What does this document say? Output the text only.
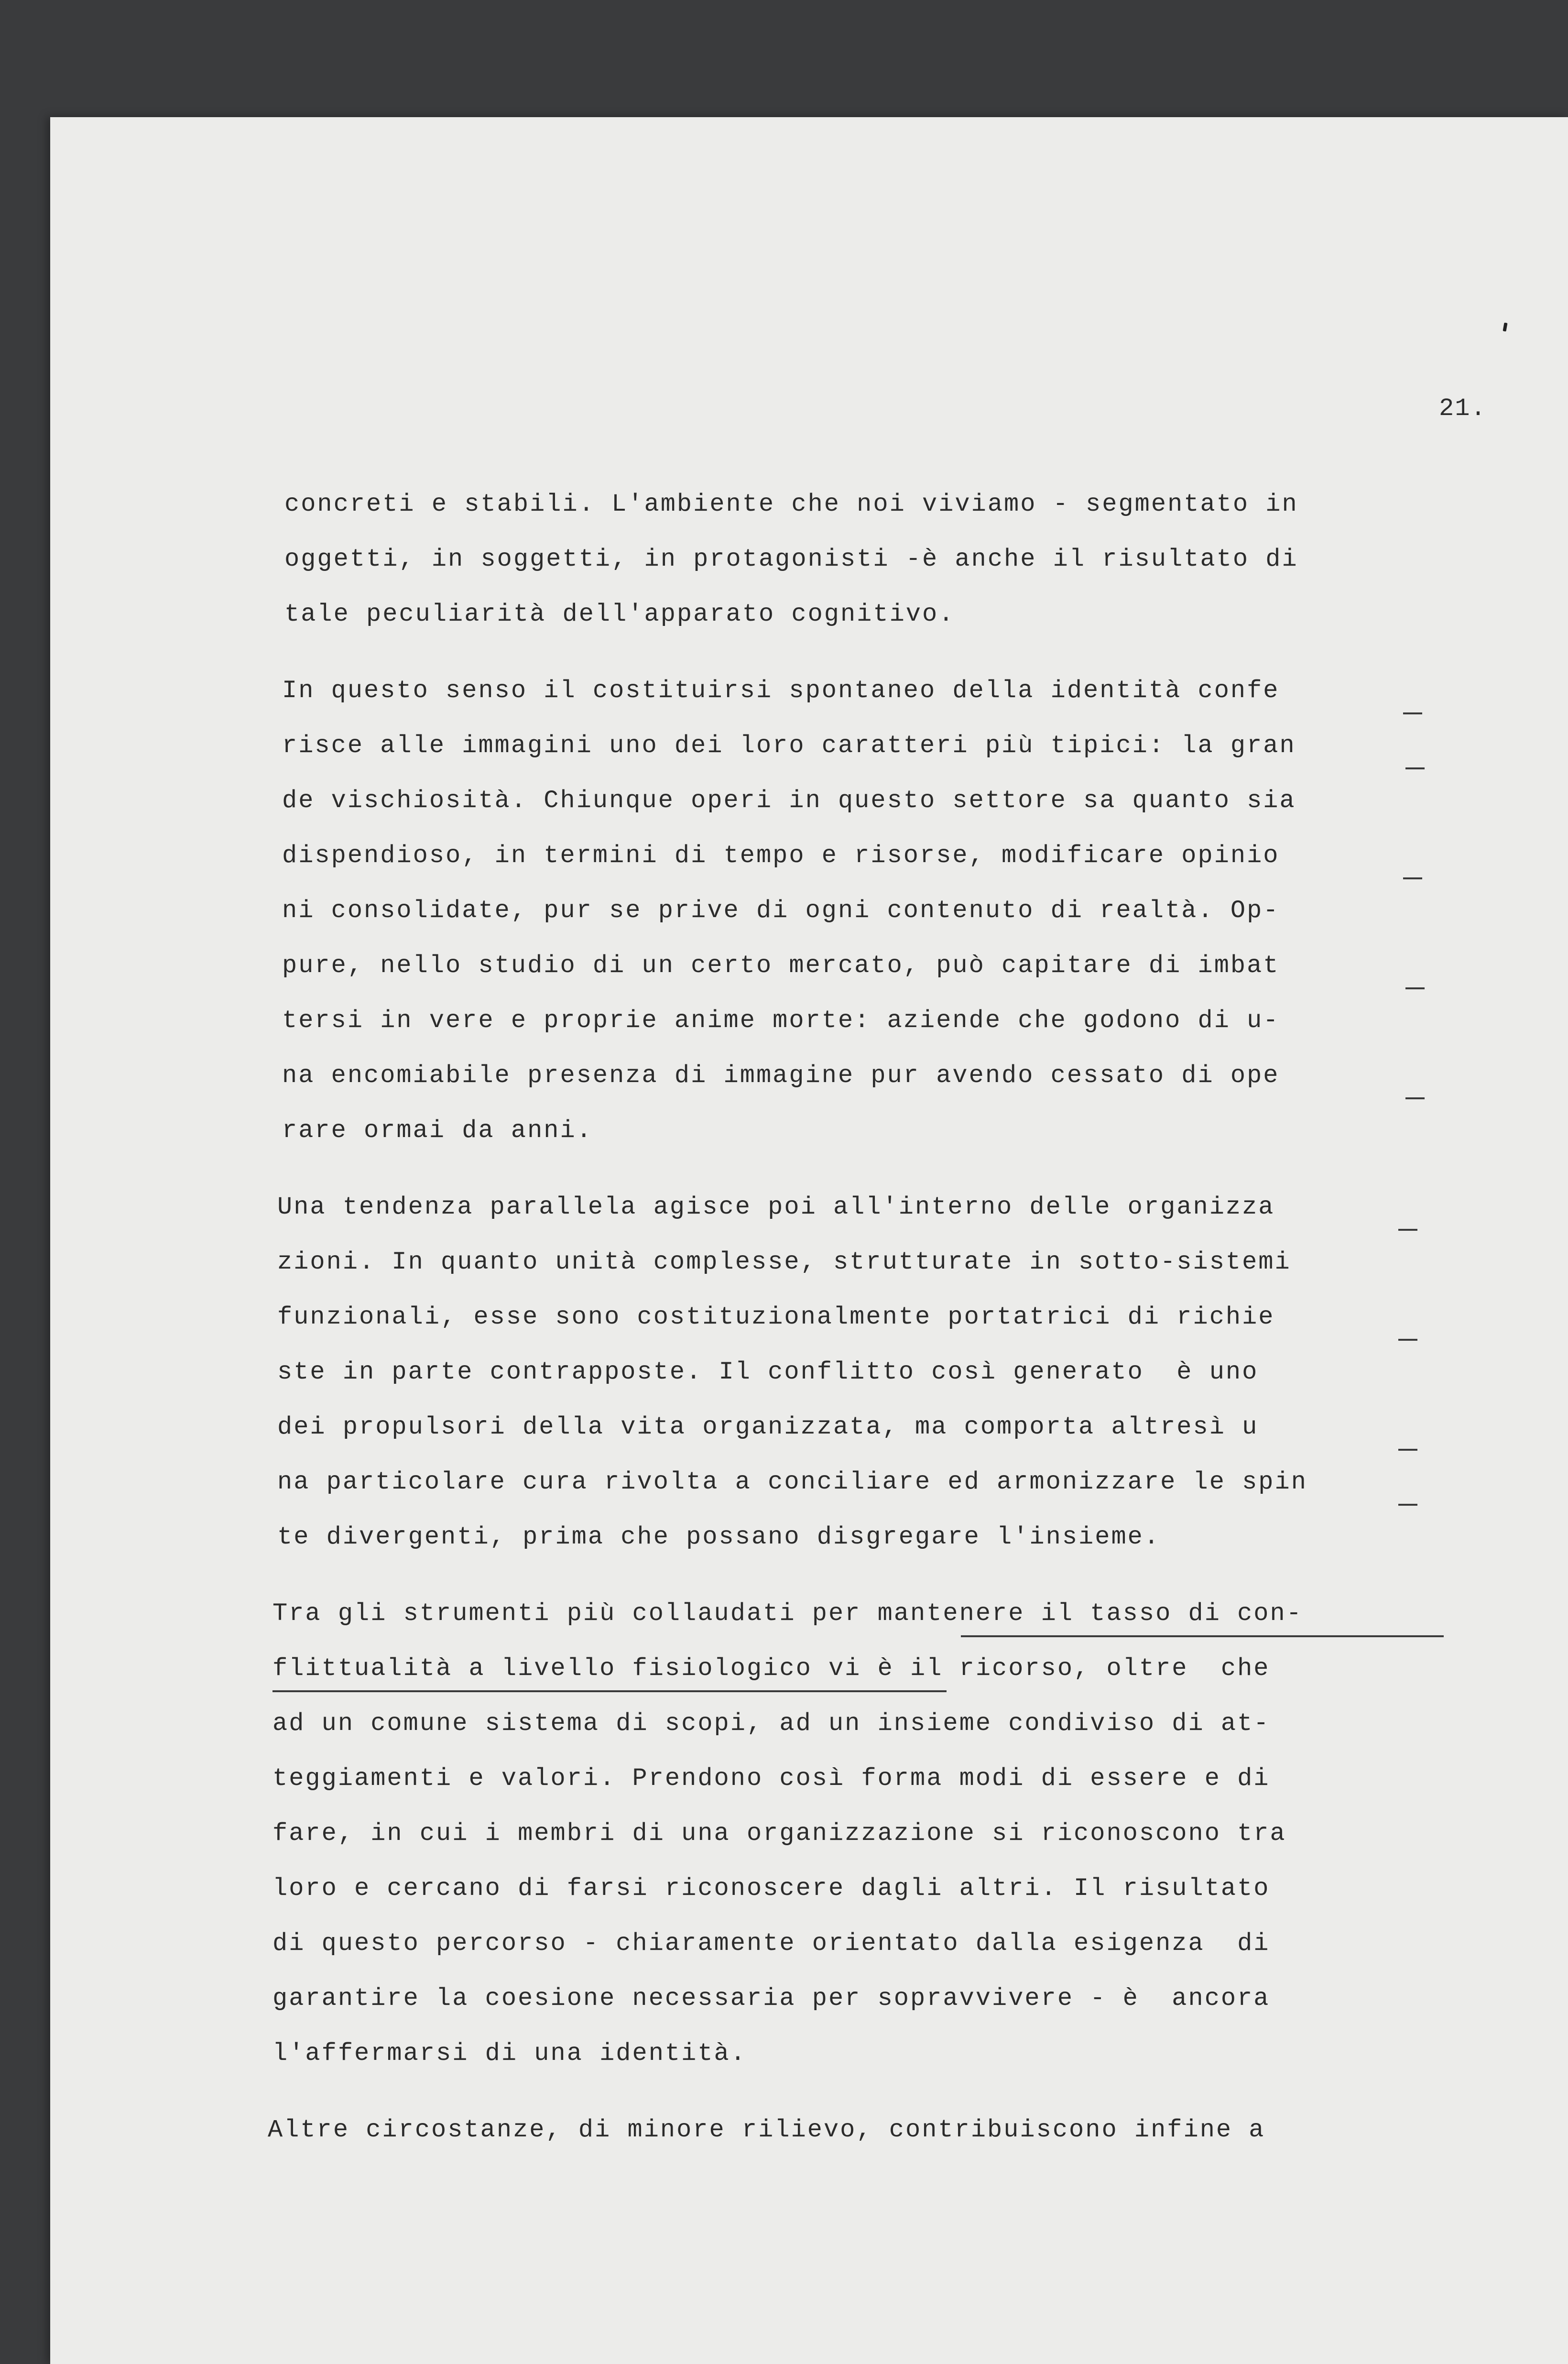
21.
concreti e stabili. L'ambiente che noi viviamo - segmentato in
oggetti, in soggetti, in protagonisti -è anche il risultato di
tale peculiarità dell'apparato cognitivo.
In questo senso il costituirsi spontaneo della identità confe
risce alle immagini uno dei loro caratteri più tipici: la gran
de vischiosità. Chiunque operi in questo settore sa quanto sia
dispendioso, in termini di tempo e risorse, modificare opinio
ni consolidate, pur se prive di ogni contenuto di realtà. Op-
pure, nello studio di un certo mercato, può capitare di imbat
tersi in vere e proprie anime morte: aziende che godono di u-
na encomiabile presenza di immagine pur avendo cessato di ope
rare ormai da anni.
Una tendenza parallela agisce poi all'interno delle organizza
zioni. In quanto unità complesse, strutturate in sotto-sistemi
funzionali, esse sono costituzionalmente portatrici di richie
ste in parte contrapposte. Il conflitto così generato  è uno
dei propulsori della vita organizzata, ma comporta altresì u
na particolare cura rivolta a conciliare ed armonizzare le spin
te divergenti, prima che possano disgregare l'insieme.
Tra gli strumenti più collaudati per mantenere il tasso di con-
flittualità a livello fisiologico vi è il ricorso, oltre  che
ad un comune sistema di scopi, ad un insieme condiviso di at-
teggiamenti e valori. Prendono così forma modi di essere e di
fare, in cui i membri di una organizzazione si riconoscono tra
loro e cercano di farsi riconoscere dagli altri. Il risultato
di questo percorso - chiaramente orientato dalla esigenza  di
garantire la coesione necessaria per sopravvivere - è  ancora
l'affermarsi di una identità.
Altre circostanze, di minore rilievo, contribuiscono infine a
